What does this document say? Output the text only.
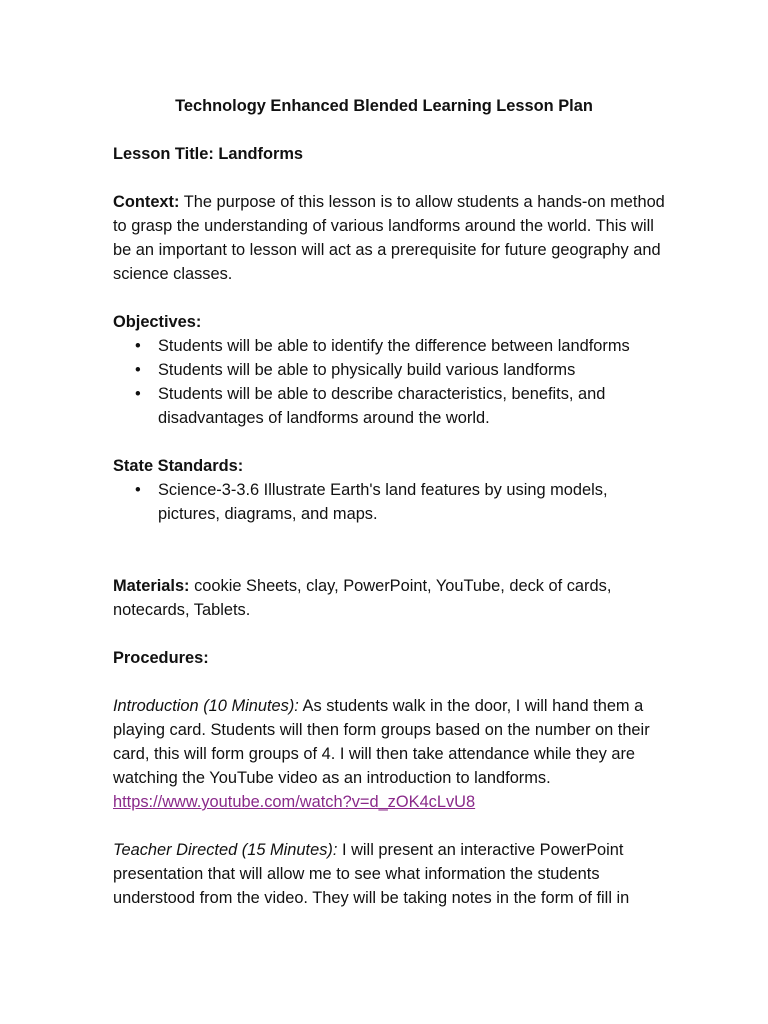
Technology Enhanced Blended Learning Lesson Plan

Lesson Title: Landforms

Context: The purpose of this lesson is to allow students a hands-on method to grasp the understanding of various landforms around the world. This will be an important to lesson will act as a prerequisite for future geography and science classes.

Objectives:

• Students will be able to identify the difference between landforms
• Students will be able to physically build various landforms
• Students will be able to describe characteristics, benefits, and disadvantages of landforms around the world.

State Standards:

• Science-3-3.6 Illustrate Earth's land features by using models, pictures, diagrams, and maps.

Materials: cookie Sheets, clay, PowerPoint, YouTube, deck of cards, notecards, Tablets.

Procedures:

Introduction (10 Minutes): As students walk in the door, I will hand them a playing card. Students will then form groups based on the number on their card, this will form groups of 4. I will then take attendance while they are watching the YouTube video as an introduction to landforms.
https://www.youtube.com/watch?v=d_zOK4cLvU8

Teacher Directed (15 Minutes): I will present an interactive PowerPoint presentation that will allow me to see what information the students understood from the video. They will be taking notes in the form of fill in
